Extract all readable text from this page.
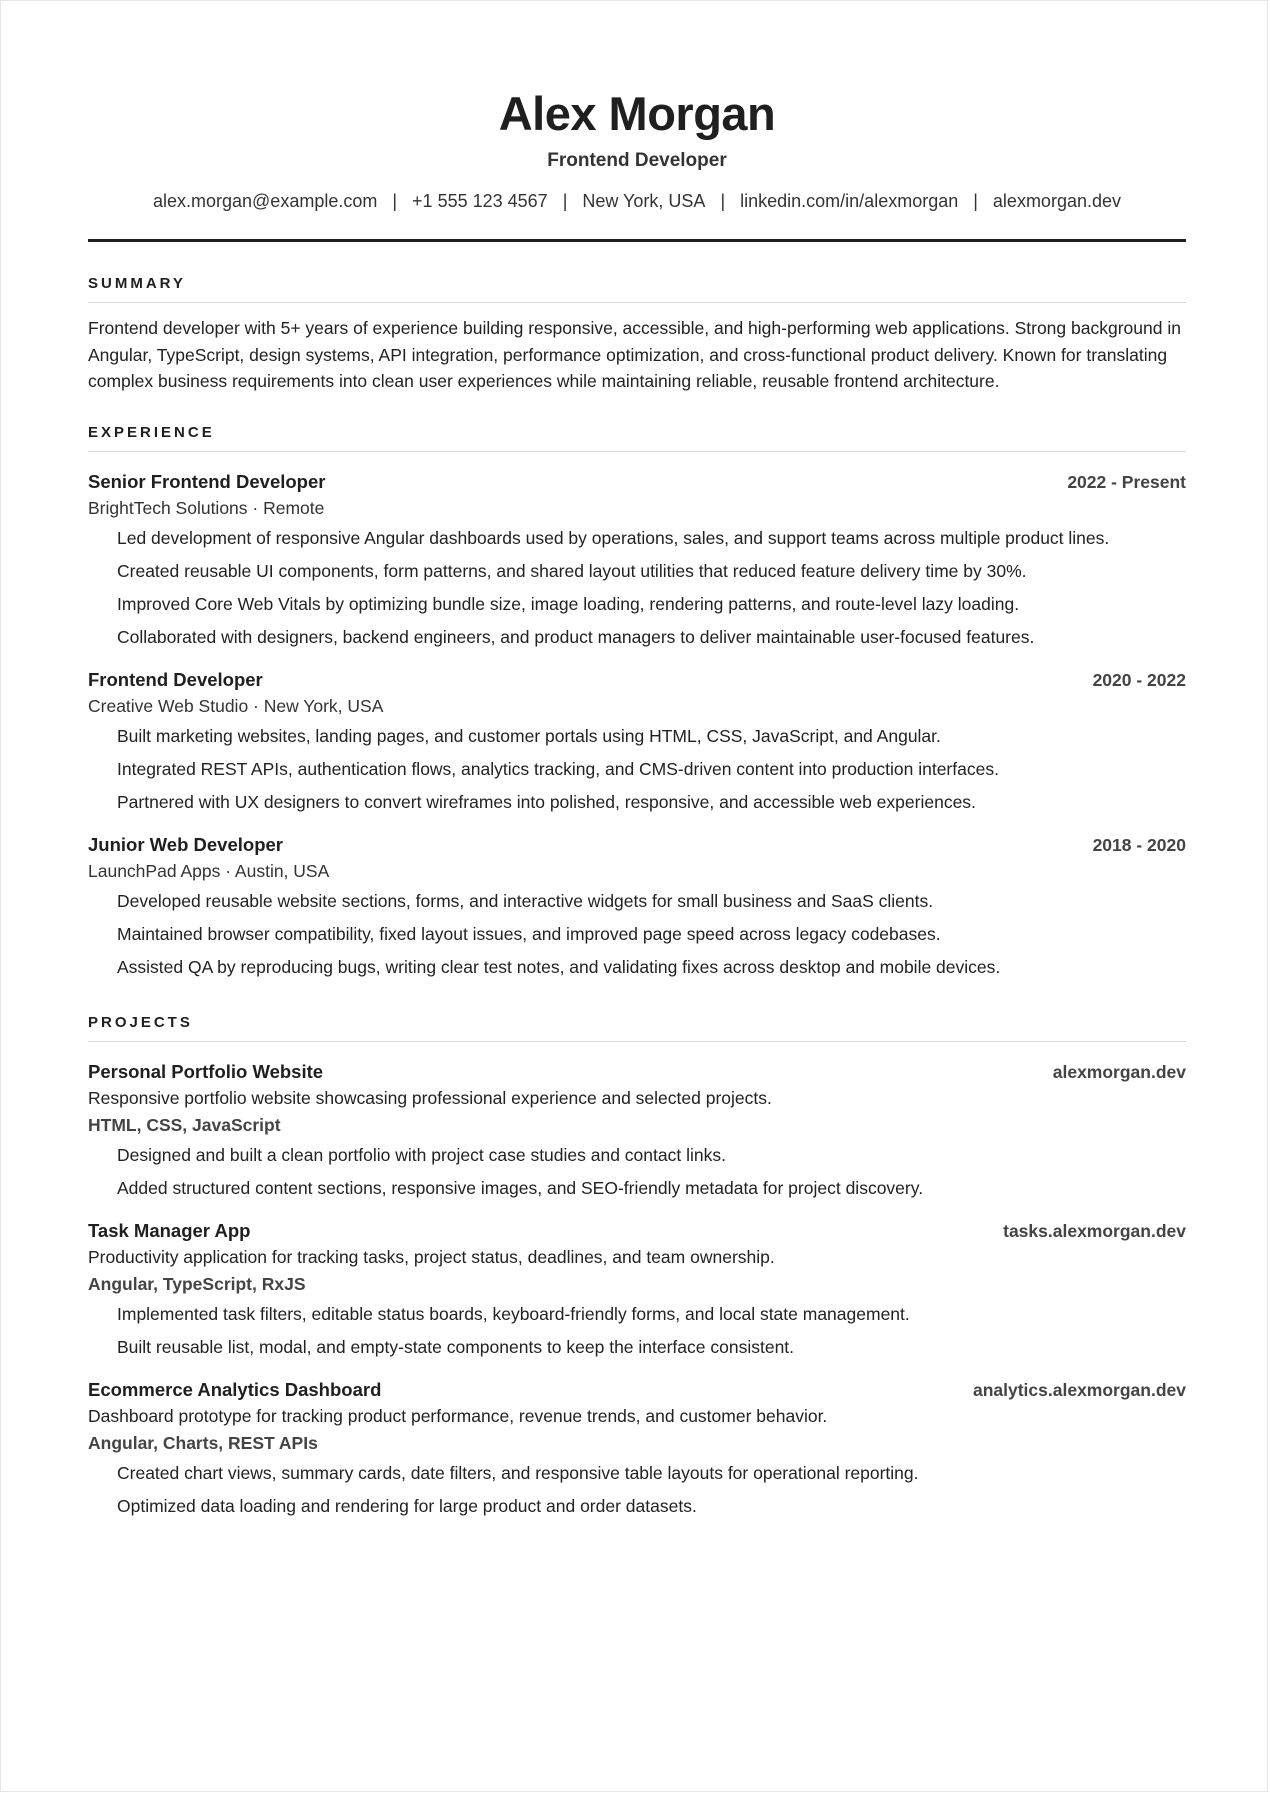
Alex Morgan
Frontend Developer
alex.morgan@example.com | +1 555 123 4567 | New York, USA | linkedin.com/in/alexmorgan | alexmorgan.dev
SUMMARY

Frontend developer with 5+ years of experience building responsive, accessible, and high-performing web applications. Strong background in Angular, TypeScript, design systems, API integration, performance optimization, and cross-functional product delivery. Known for translating complex business requirements into clean user experiences while maintaining reliable, reusable frontend architecture.

EXPERIENCE
Senior Frontend Developer	2022 - Present
BrightTech Solutions · Remote
Led development of responsive Angular dashboards used by operations, sales, and support teams across multiple product lines.
Created reusable UI components, form patterns, and shared layout utilities that reduced feature delivery time by 30%.
Improved Core Web Vitals by optimizing bundle size, image loading, rendering patterns, and route-level lazy loading.
Collaborated with designers, backend engineers, and product managers to deliver maintainable user-focused features.
Frontend Developer	2020 - 2022
Creative Web Studio · New York, USA
Built marketing websites, landing pages, and customer portals using HTML, CSS, JavaScript, and Angular.
Integrated REST APIs, authentication flows, analytics tracking, and CMS-driven content into production interfaces.
Partnered with UX designers to convert wireframes into polished, responsive, and accessible web experiences.
Junior Web Developer	2018 - 2020
LaunchPad Apps · Austin, USA
Developed reusable website sections, forms, and interactive widgets for small business and SaaS clients.
Maintained browser compatibility, fixed layout issues, and improved page speed across legacy codebases.
Assisted QA by reproducing bugs, writing clear test notes, and validating fixes across desktop and mobile devices.
PROJECTS
Personal Portfolio Website	alexmorgan.dev
Responsive portfolio website showcasing professional experience and selected projects.
HTML, CSS, JavaScript
Designed and built a clean portfolio with project case studies and contact links.
Added structured content sections, responsive images, and SEO-friendly metadata for project discovery.
Task Manager App	tasks.alexmorgan.dev
Productivity application for tracking tasks, project status, deadlines, and team ownership.
Angular, TypeScript, RxJS
Implemented task filters, editable status boards, keyboard-friendly forms, and local state management.
Built reusable list, modal, and empty-state components to keep the interface consistent.
Ecommerce Analytics Dashboard	analytics.alexmorgan.dev
Dashboard prototype for tracking product performance, revenue trends, and customer behavior.
Angular, Charts, REST APIs
Created chart views, summary cards, date filters, and responsive table layouts for operational reporting.
Optimized data loading and rendering for large product and order datasets.
